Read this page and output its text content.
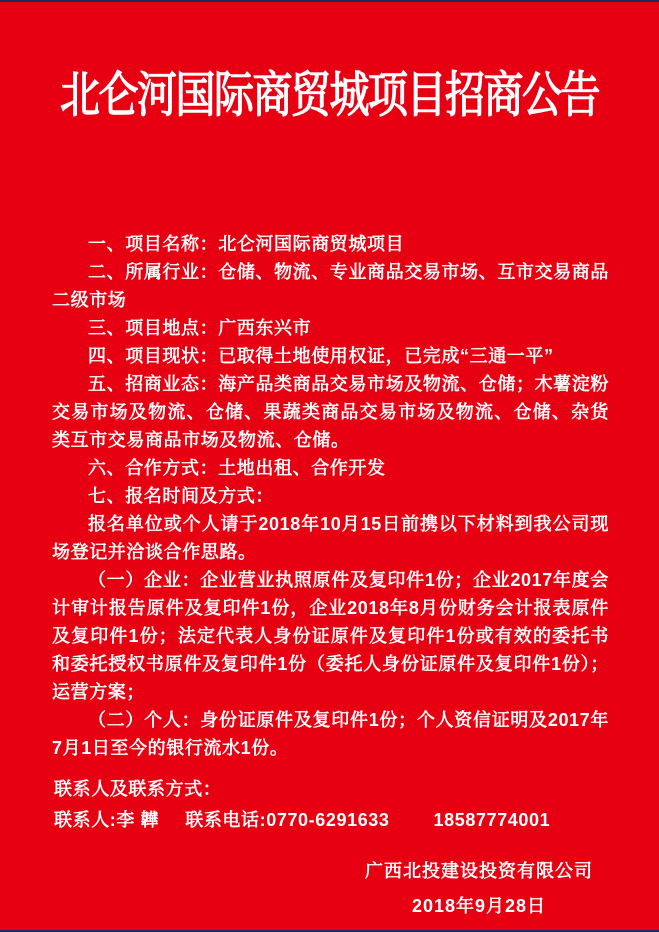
北仑河国际商贸城项目招商公告

一、项目名称：北仑河国际商贸城项目

二、所属行业：仓储、物流、专业商品交易市场、互市交易商品二级市场

三、项目地点：广西东兴市

四、项目现状：已取得土地使用权证，已完成“三通一平”

五、招商业态：海产品类商品交易市场及物流、仓储；木薯淀粉交易市场及物流、仓储、果蔬类商品交易市场及物流、仓储、杂货类互市交易商品市场及物流、仓储。

六、合作方式：土地出租、合作开发

七、报名时间及方式：

报名单位或个人请于2018年10月15日前携以下材料到我公司现场登记并洽谈合作思路。

（一）企业：企业营业执照原件及复印件1份；企业2017年度会计审计报告原件及复印件1份，企业2018年8月份财务会计报表原件及复印件1份；法定代表人身份证原件及复印件1份或有效的委托书和委托授权书原件及复印件1份（委托人身份证原件及复印件1份）；运营方案；

（二）个人：身份证原件及复印件1份；个人资信证明及2017年7月1日至今的银行流水1份。

联系人及联系方式：

联系人:李 韡 联系电话:0770-6291633 18587774001

广西北投建设投资有限公司

2018年9月28日
